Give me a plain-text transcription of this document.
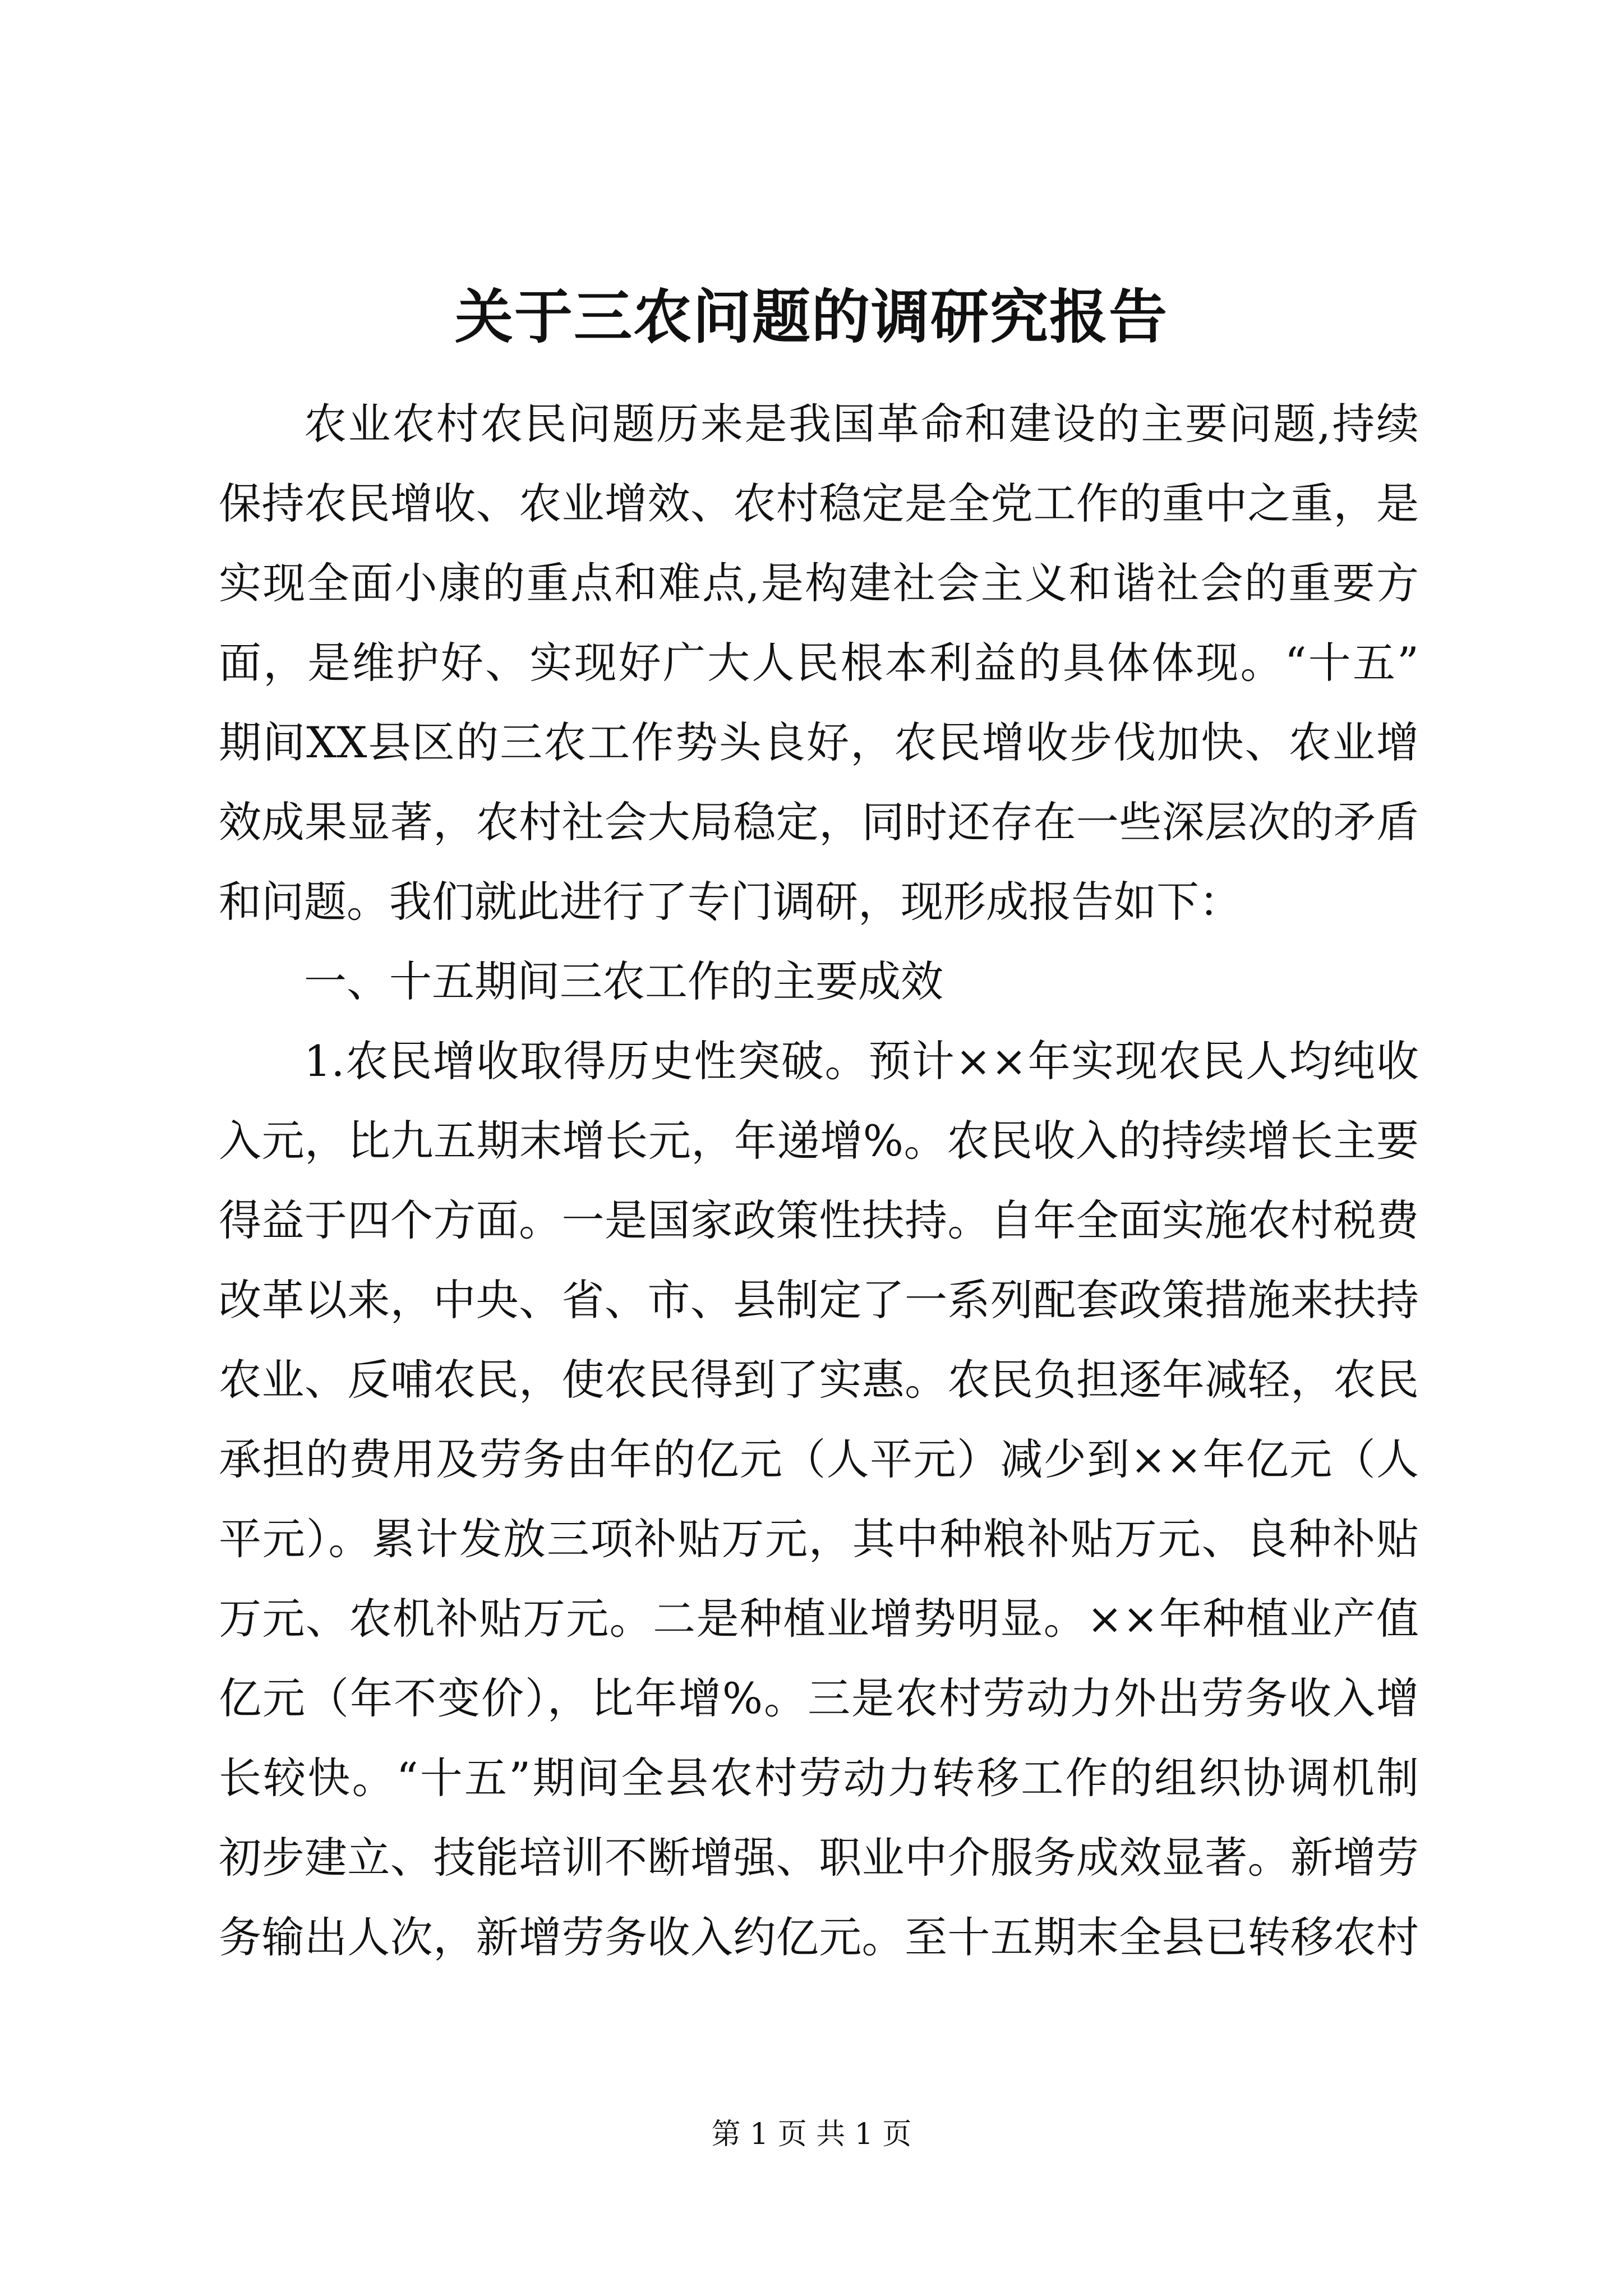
关于三农问题的调研究报告
农业农村农民问题历来是我国革命和建设的主要问题,持续
保持农民增收、农业增效、农村稳定是全党工作的重中之重，是
实现全面小康的重点和难点,是构建社会主义和谐社会的重要方
面，是维护好、实现好广大人民根本利益的具体体现。“十五”
期间XX县区的三农工作势头良好，农民增收步伐加快、农业增
效成果显著，农村社会大局稳定，同时还存在一些深层次的矛盾
和问题。我们就此进行了专门调研，现形成报告如下：
一、十五期间三农工作的主要成效
1.农民增收取得历史性突破。预计××年实现农民人均纯收
入元，比九五期末增长元，年递增%。农民收入的持续增长主要
得益于四个方面。一是国家政策性扶持。自年全面实施农村税费
改革以来，中央、省、市、县制定了一系列配套政策措施来扶持
农业、反哺农民，使农民得到了实惠。农民负担逐年减轻，农民
承担的费用及劳务由年的亿元（人平元）减少到××年亿元（人
平元）。累计发放三项补贴万元，其中种粮补贴万元、良种补贴
万元、农机补贴万元。二是种植业增势明显。××年种植业产值
亿元（年不变价），比年增%。三是农村劳动力外出劳务收入增
长较快。“十五”期间全县农村劳动力转移工作的组织协调机制
初步建立、技能培训不断增强、职业中介服务成效显著。新增劳
务输出人次，新增劳务收入约亿元。至十五期末全县已转移农村
第 1 页 共 1 页
